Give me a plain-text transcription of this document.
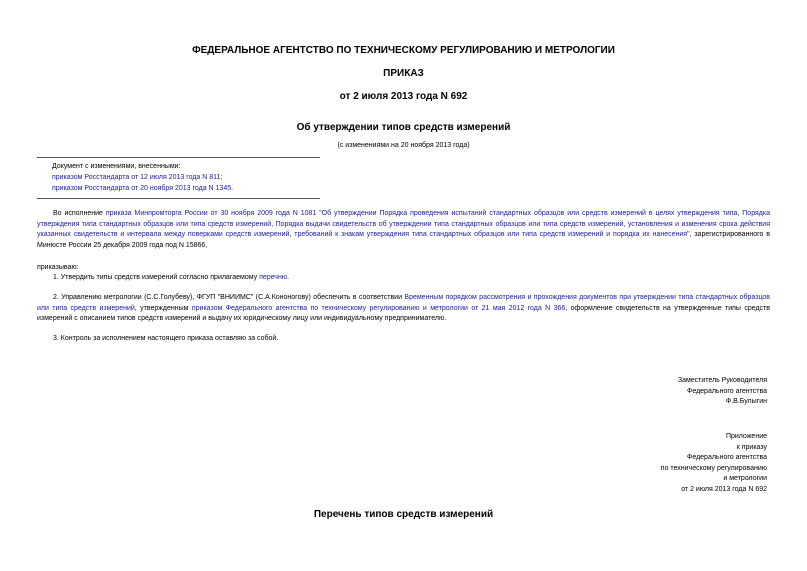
ФЕДЕРАЛЬНОЕ АГЕНТСТВО ПО ТЕХНИЧЕСКОМУ РЕГУЛИРОВАНИЮ И МЕТРОЛОГИИ
ПРИКАЗ
от 2 июля 2013 года N 692
Об утверждении типов средств измерений
(с изменениями на 20 ноября 2013 года)
Документ с изменениями, внесенными:
приказом Росстандарта от 12 июля 2013 года N 811;
приказом Росстандарта от 20 ноября 2013 года N 1345.
Во исполнение приказа Минпромторга России от 30 ноября 2009 года N 1081 "Об утверждении Порядка проведения испытаний стандартных образцов или средств измерений в целях утверждения типа, Порядка утверждения типа стандартных образцов или типа средств измерений, Порядка выдачи свидетельств об утверждении типа стандартных образцов или типа средств измерений, установления и изменения срока действия указанных свидетельств и интервала между поверками средств измерений, требований к знакам утверждения типа стандартных образцов или типа средств измерений и порядка их нанесения", зарегистрированного в Минюсте России 25 декабря 2009 года под N 15866,
приказываю:
1. Утвердить типы средств измерений согласно прилагаемому перечню.
2. Управлению метрологии (С.С.Голубеву), ФГУП "ВНИИМС" (С.А.Кононогову) обеспечить в соответствии Временным порядком рассмотрения и прохождения документов при утверждении типа стандартных образцов или типа средств измерений, утвержденным приказом Федерального агентства по техническому регулированию и метрологии от 21 мая 2012 года N 366, оформление свидетельств на утвержденные типы средств измерений с описанием типов средств измерений и выдачу их юридическому лицу или индивидуальному предпринимателю.
3. Контроль за исполнением настоящего приказа оставляю за собой.
Заместитель Руководителя
Федерального агентства
Ф.В.Булыгин
Приложение
к приказу
Федерального агентства
по техническому регулированию
и метрологии
от 2 июля 2013 года N 692
Перечень типов средств измерений
